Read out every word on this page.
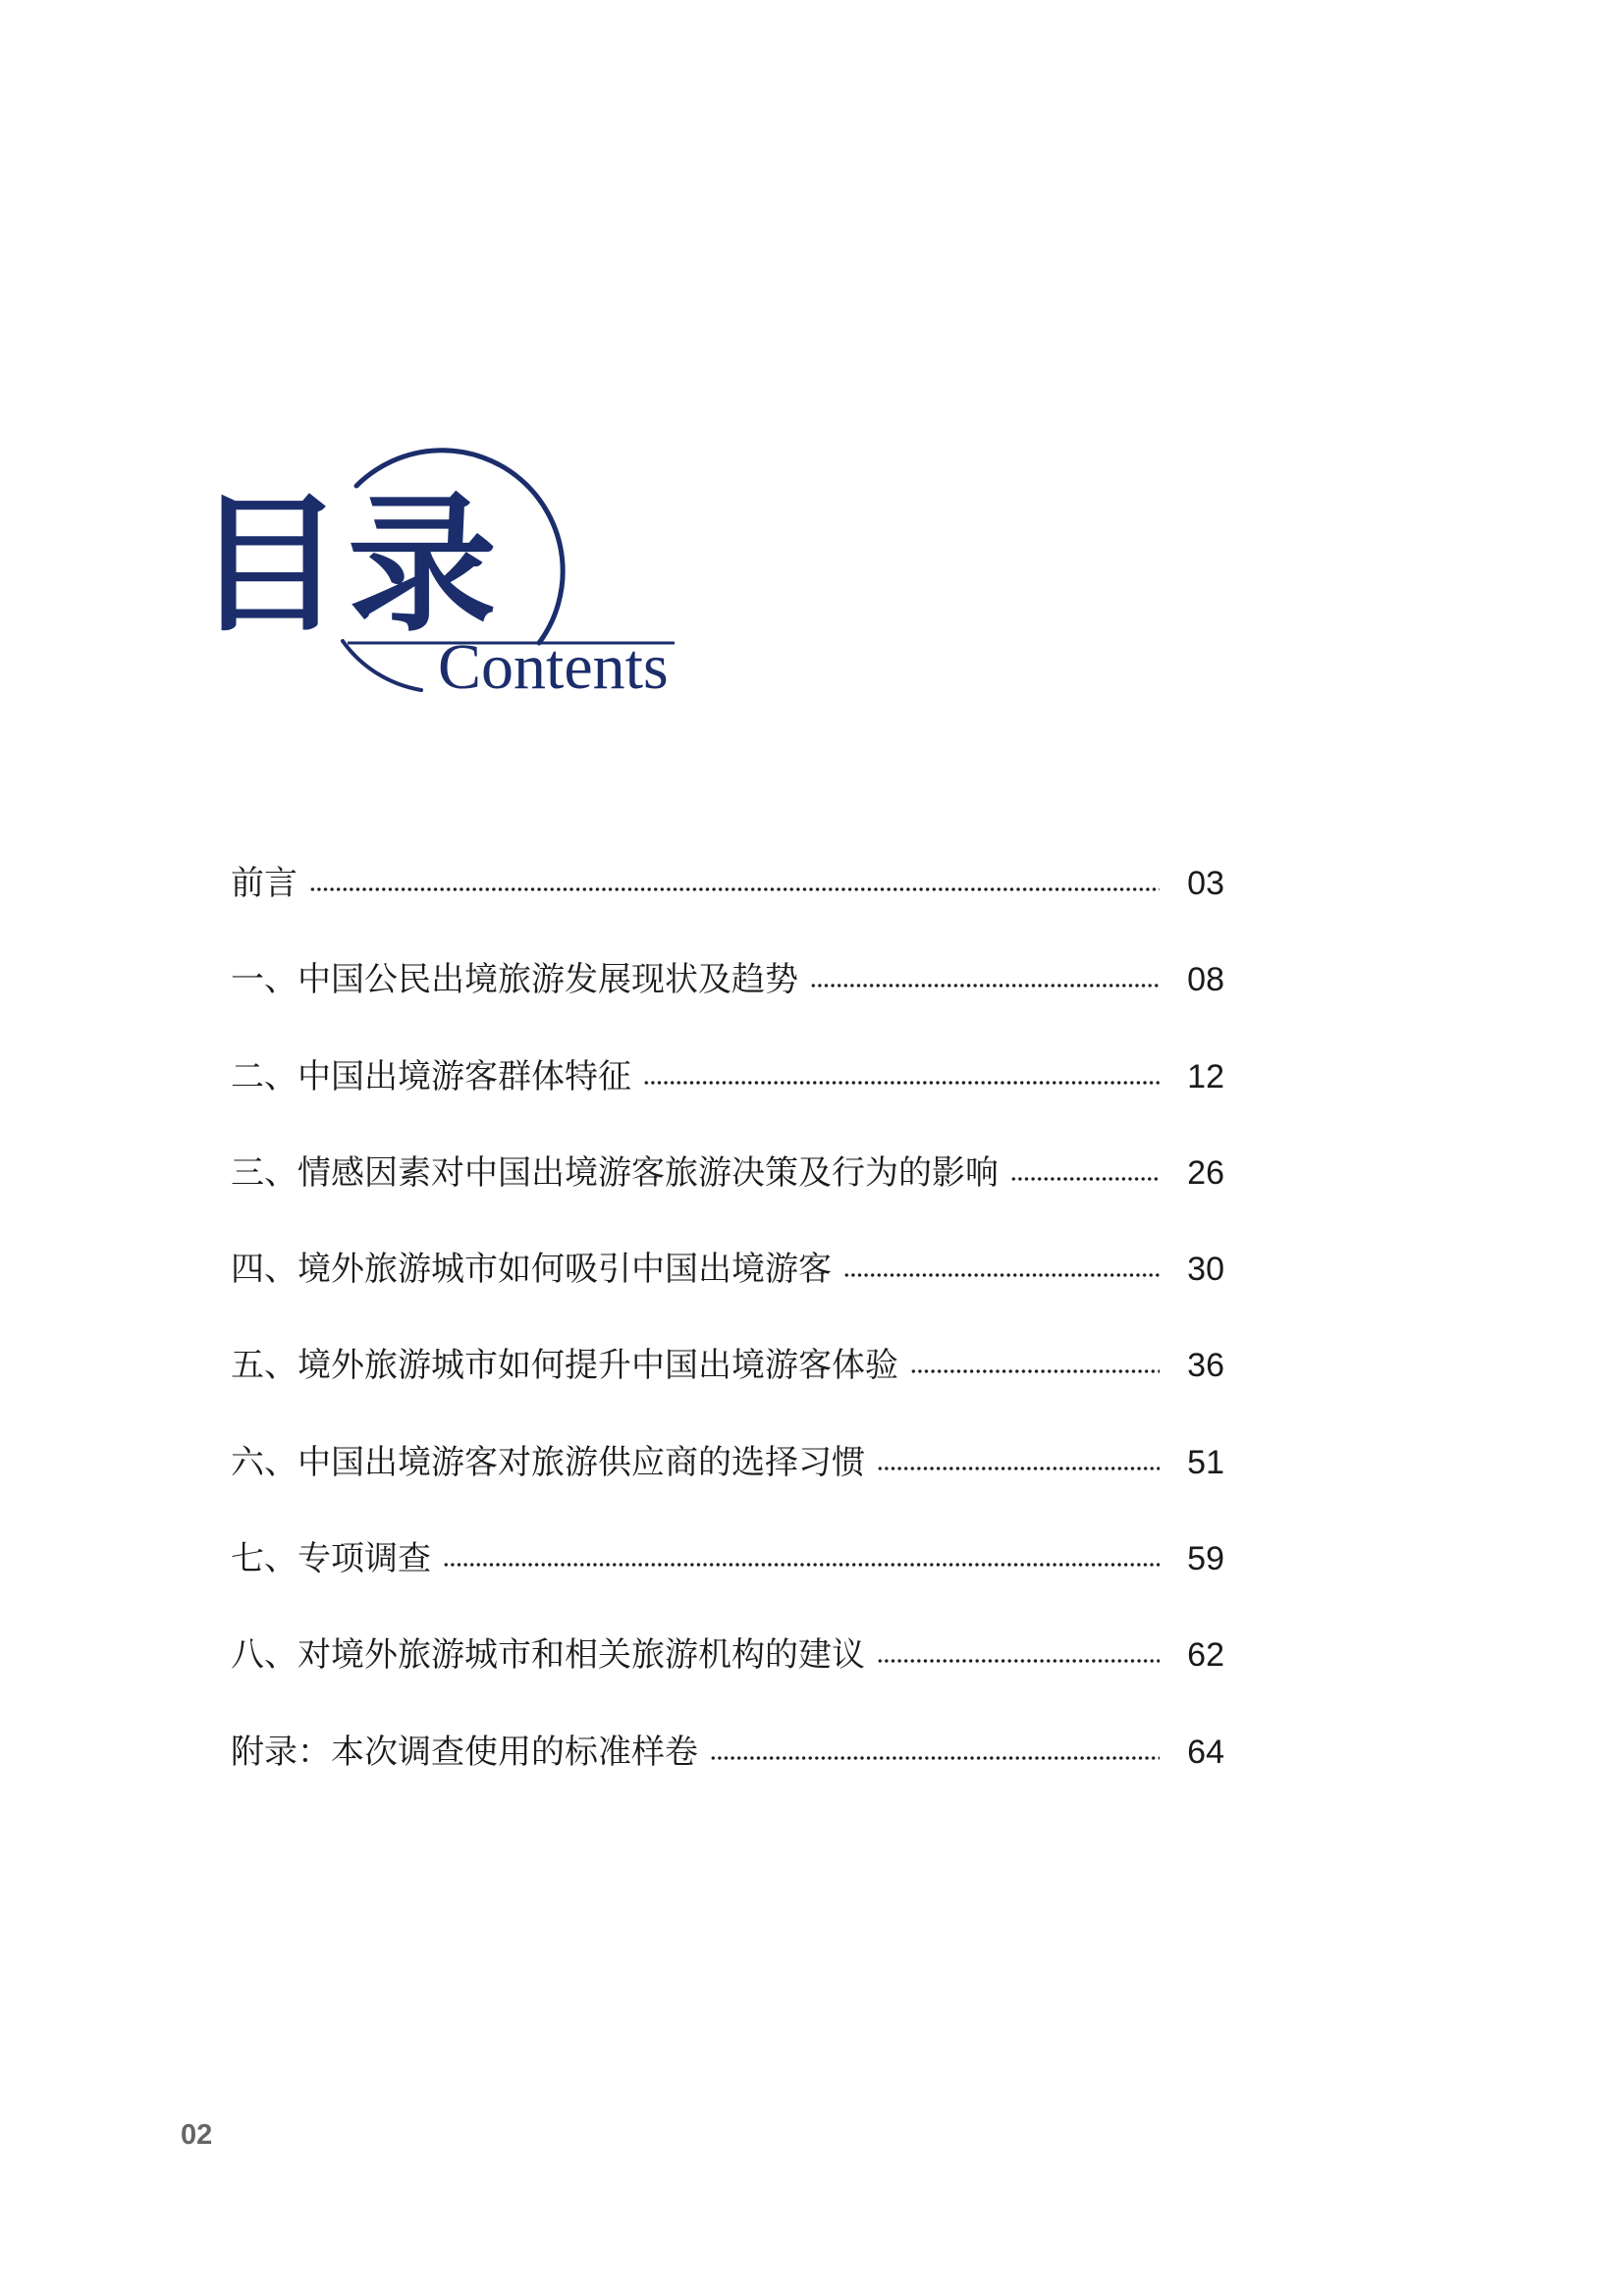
目录
Contents
前言	03
一、中国公民出境旅游发展现状及趋势	08
二、中国出境游客群体特征	12
三、情感因素对中国出境游客旅游决策及行为的影响	26
四、境外旅游城市如何吸引中国出境游客	30
五、境外旅游城市如何提升中国出境游客体验	36
六、中国出境游客对旅游供应商的选择习惯	51
七、专项调查	59
八、对境外旅游城市和相关旅游机构的建议	62
附录：本次调查使用的标准样卷	64
02
